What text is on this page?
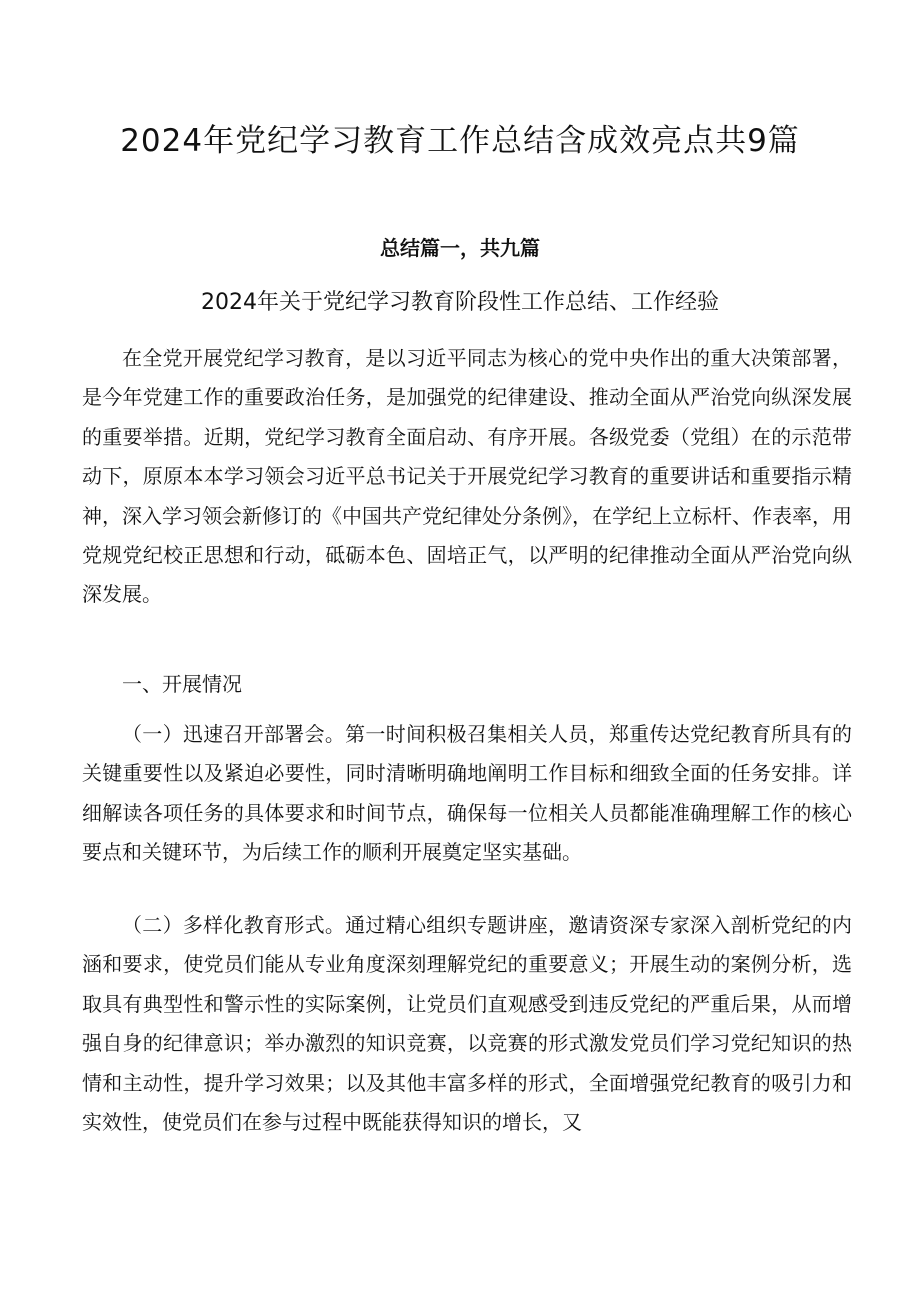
2024年党纪学习教育工作总结含成效亮点共9篇
总结篇一，共九篇
2024年关于党纪学习教育阶段性工作总结、工作经验

在全党开展党纪学习教育，是以习近平同志为核心的党中央作出的重大决策部署，是今年党建工作的重要政治任务，是加强党的纪律建设、推动全面从严治党向纵深发展的重要举措。近期，党纪学习教育全面启动、有序开展。各级党委（党组）在的示范带动下，原原本本学习领会习近平总书记关于开展党纪学习教育的重要讲话和重要指示精神，深入学习领会新修订的《中国共产党纪律处分条例》，在学纪上立标杆、作表率，用党规党纪校正思想和行动，砥砺本色、固培正气，以严明的纪律推动全面从严治党向纵深发展。

一、开展情况

（一）迅速召开部署会。第一时间积极召集相关人员，郑重传达党纪教育所具有的关键重要性以及紧迫必要性，同时清晰明确地阐明工作目标和细致全面的任务安排。详细解读各项任务的具体要求和时间节点，确保每一位相关人员都能准确理解工作的核心要点和关键环节，为后续工作的顺利开展奠定坚实基础。

（二）多样化教育形式。通过精心组织专题讲座，邀请资深专家深入剖析党纪的内涵和要求，使党员们能从专业角度深刻理解党纪的重要意义；开展生动的案例分析，选取具有典型性和警示性的实际案例，让党员们直观感受到违反党纪的严重后果，从而增强自身的纪律意识；举办激烈的知识竞赛，以竞赛的形式激发党员们学习党纪知识的热情和主动性，提升学习效果；以及其他丰富多样的形式，全面增强党纪教育的吸引力和实效性，使党员们在参与过程中既能获得知识的增长，又
